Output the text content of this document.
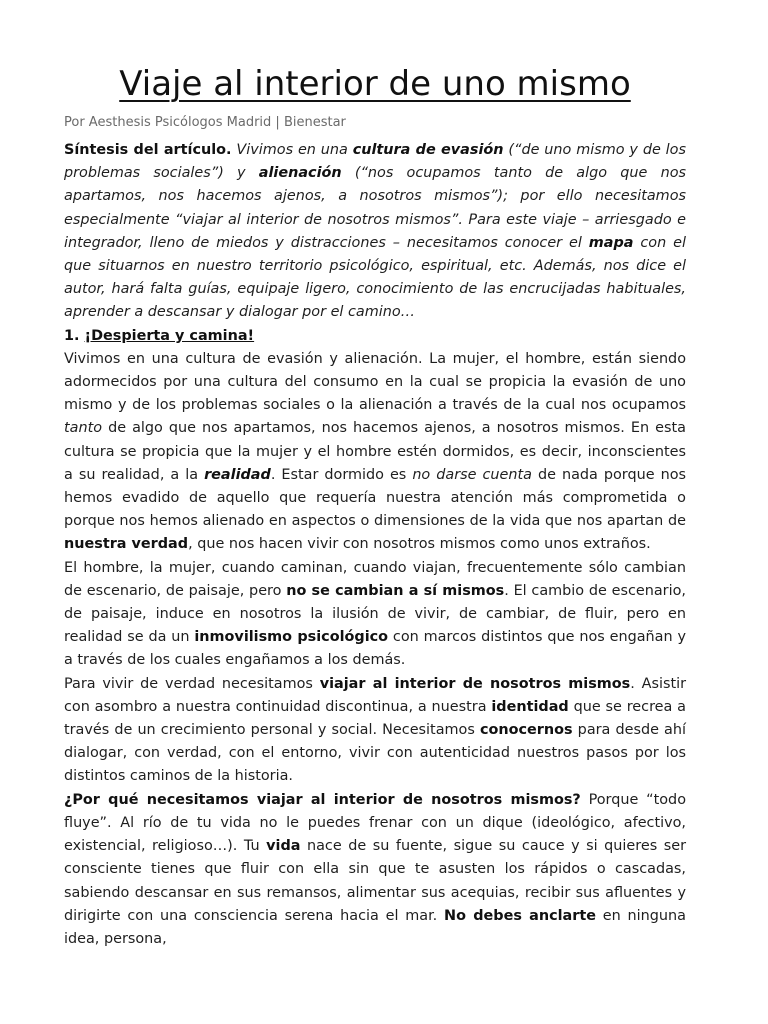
Viaje al interior de uno mismo
Por Aesthesis Psicólogos Madrid | Bienestar

Síntesis del artículo. Vivimos en una cultura de evasión (“de uno mismo y de los problemas sociales”) y alienación (“nos ocupamos tanto de algo que nos apartamos, nos hacemos ajenos, a nosotros mismos”); por ello necesitamos especialmente “viajar al interior de nosotros mismos”. Para este viaje – arriesgado e integrador, lleno de miedos y distracciones – necesitamos conocer el mapa con el que situarnos en nuestro territorio psicológico, espiritual, etc. Además, nos dice el autor, hará falta guías, equipaje ligero, conocimiento de las encrucijadas habituales, aprender a descansar y dialogar por el camino…

1. ¡Despierta y camina!

Vivimos en una cultura de evasión y alienación. La mujer, el hombre, están siendo adormecidos por una cultura del consumo en la cual se propicia la evasión de uno mismo y de los problemas sociales o la alienación a través de la cual nos ocupamos tanto de algo que nos apartamos, nos hacemos ajenos, a nosotros mismos. En esta cultura se propicia que la mujer y el hombre estén dormidos, es decir, inconscientes a su realidad, a la realidad. Estar dormido es no darse cuenta de nada porque nos hemos evadido de aquello que requería nuestra atención más comprometida o porque nos hemos alienado en aspectos o dimensiones de la vida que nos apartan de nuestra verdad, que nos hacen vivir con nosotros mismos como unos extraños.

El hombre, la mujer, cuando caminan, cuando viajan, frecuentemente sólo cambian de escenario, de paisaje, pero no se cambian a sí mismos. El cambio de escenario, de paisaje, induce en nosotros la ilusión de vivir, de cambiar, de fluir, pero en realidad se da un inmovilismo psicológico con marcos distintos que nos engañan y a través de los cuales engañamos a los demás.

Para vivir de verdad necesitamos viajar al interior de nosotros mismos. Asistir con asombro a nuestra continuidad discontinua, a nuestra identidad que se recrea a través de un crecimiento personal y social. Necesitamos conocernos para desde ahí dialogar, con verdad, con el entorno, vivir con autenticidad nuestros pasos por los distintos caminos de la historia.

¿Por qué necesitamos viajar al interior de nosotros mismos? Porque “todo fluye”. Al río de tu vida no le puedes frenar con un dique (ideológico, afectivo, existencial, religioso…). Tu vida nace de su fuente, sigue su cauce y si quieres ser consciente tienes que fluir con ella sin que te asusten los rápidos o cascadas, sabiendo descansar en sus remansos, alimentar sus acequias, recibir sus afluentes y dirigirte con una consciencia serena hacia el mar. No debes anclarte en ninguna idea, persona,
